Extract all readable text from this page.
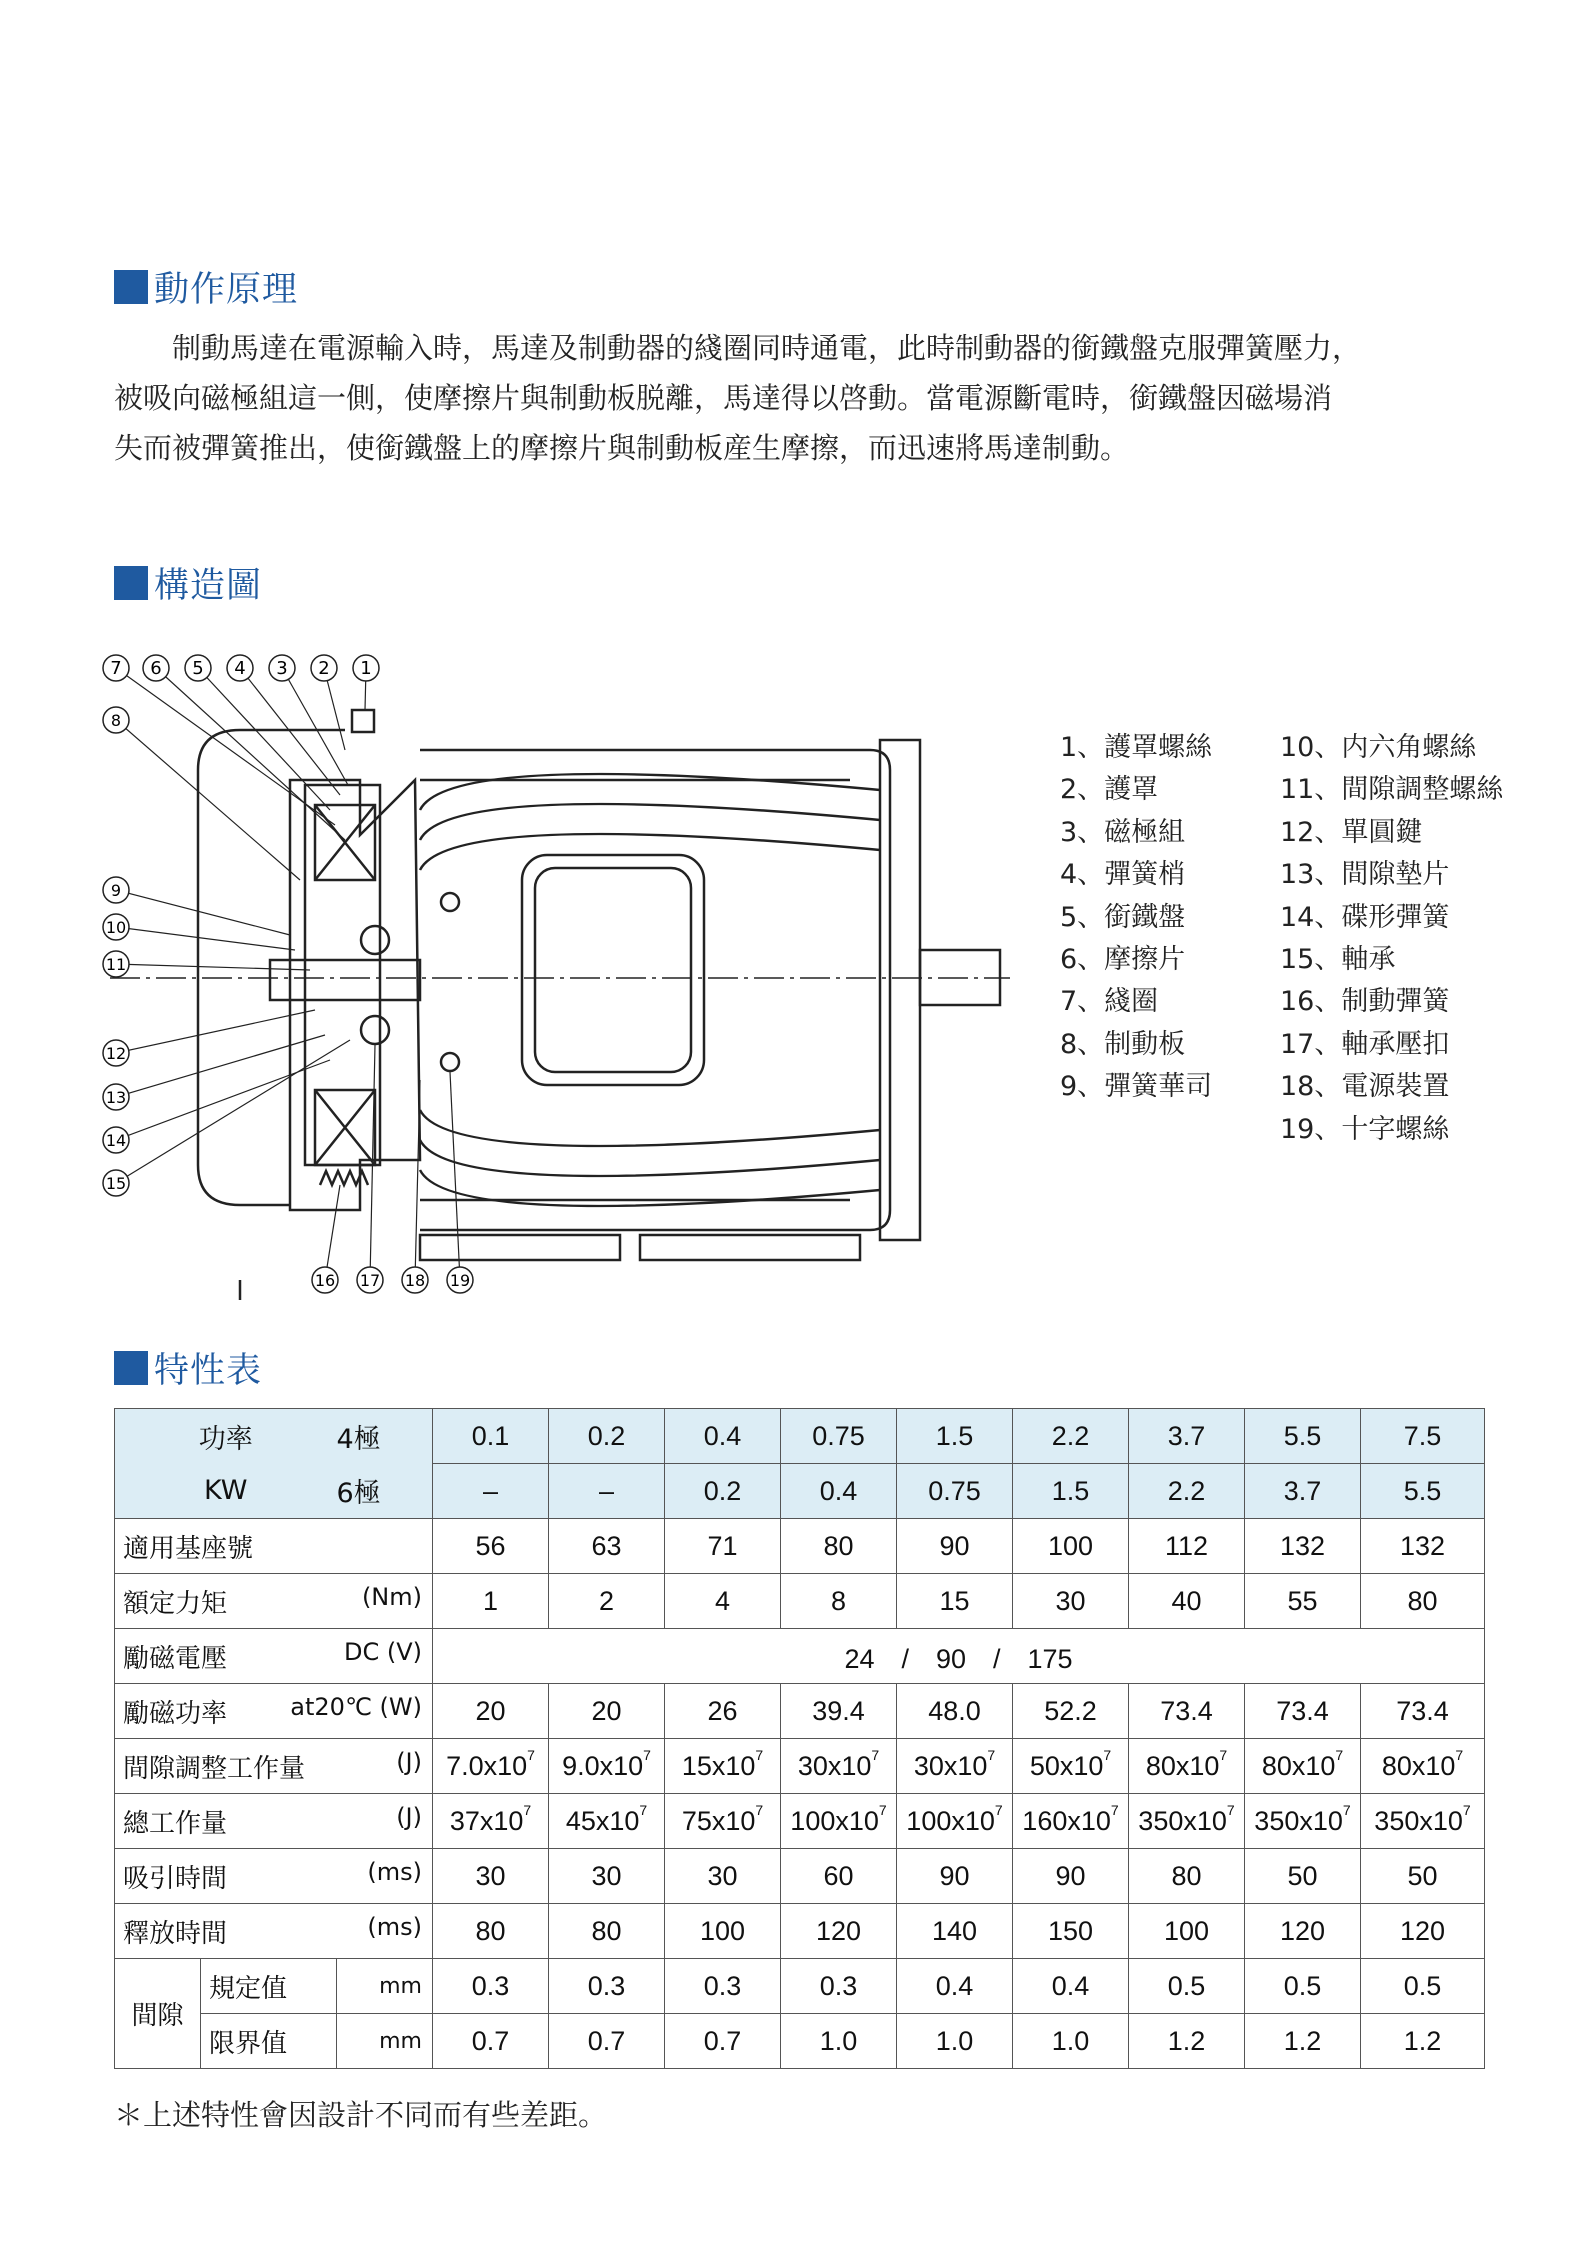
動作原理
　　制動馬達在電源輸入時，馬達及制動器的綫圈同時通電，此時制動器的銜鐵盤克服彈簧壓力，
被吸向磁極組這一側，使摩擦片與制動板脱離，馬達得以啓動。當電源斷電時，銜鐵盤因磁場消
失而被彈簧推出，使銜鐵盤上的摩擦片與制動板産生摩擦，而迅速將馬達制動。
構造圖
7 6 5 4 3 2 1
8
9
10
11
12
13
14
15
16 17 18 19
1、護罩螺絲
2、護罩
3、磁極組
4、彈簧梢
5、銜鐵盤
6、摩擦片
7、綫圈
8、制動板
9、彈簧華司
10、内六角螺絲
11、間隙調整螺絲
12、單圓鍵
13、間隙墊片
14、碟形彈簧
15、軸承
16、制動彈簧
17、軸承壓扣
18、電源裝置
19、十字螺絲
特性表
功率		4極	0.1	0.2	0.4	0.75	1.5	2.2	3.7	5.5	7.5
KW		6極	–	–	0.2	0.4	0.75	1.5	2.2	3.7	5.5
適用基座號			56	63	71	80	90	100	112	132	132
額定力矩 (Nm)			1	2	4	8	15	30	40	55	80
勵磁電壓 DC (V)			24　/　90　/　175								
勵磁功率 at20℃ (W)			20	20	26	39.4	48.0	52.2	73.4	73.4	73.4
間隙調整工作量 (J)			$7.0x10^7$	$9.0x10^7$	$15x10^7$	$30x10^7$	$30x10^7$	$50x10^7$	$80x10^7$	$80x10^7$	$80x10^7$
總工作量 (J)			$37x10^7$	$45x10^7$	$75x10^7$	$100x10^7$	$100x10^7$	$160x10^7$	$350x10^7$	$350x10^7$	$350x10^7$
吸引時間 (ms)			30	30	30	60	90	90	80	50	50
釋放時間 (ms)			80	80	100	120	140	150	100	120	120
間隙	規定值	mm	0.3	0.3	0.3	0.3	0.4	0.4	0.5	0.5	0.5
	限界值	mm	0.7	0.7	0.7	1.0	1.0	1.0	1.2	1.2	1.2
＊上述特性會因設計不同而有些差距。
